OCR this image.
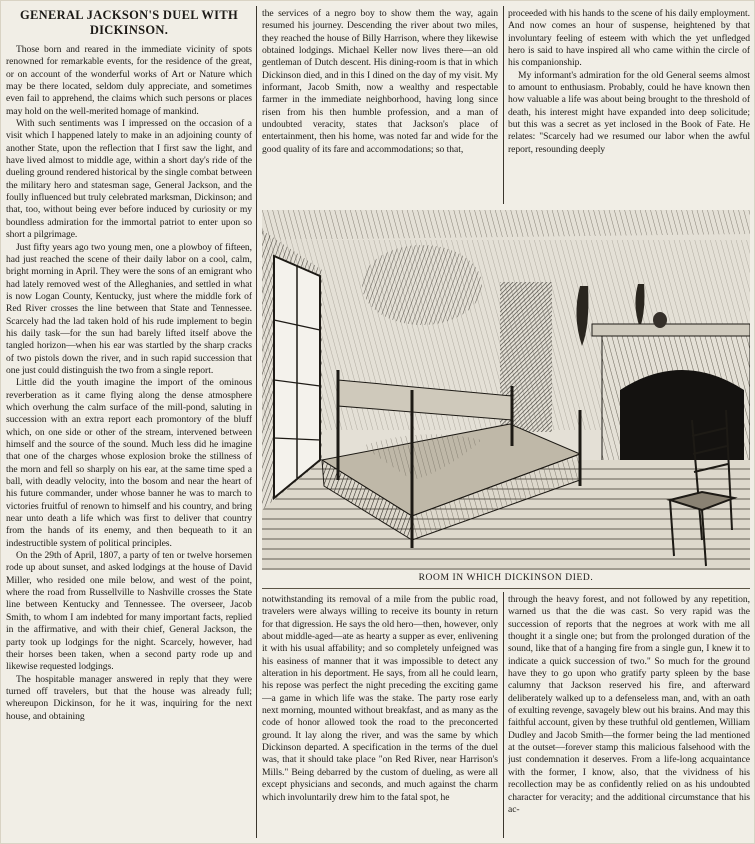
GENERAL JACKSON'S DUEL WITH DICKINSON.

Those born and reared in the immediate vicinity of spots renowned for remarkable events, for the residence of the great, or on account of the wonderful works of Art or Nature which may be there located, seldom duly appreciate, and sometimes even fail to apprehend, the claims which such persons or places may hold on the well-merited homage of mankind.

With such sentiments was I impressed on the occasion of a visit which I happened lately to make in an adjoining county of another State, upon the reflection that I first saw the light, and have lived almost to middle age, within a short day's ride of the dueling ground rendered historical by the single combat between the military hero and statesman sage, General Jackson, and the foully influenced but truly celebrated marksman, Dickinson; and that, too, without being ever before induced by curiosity or my boundless admiration for the immortal patriot to enter upon so short a pilgrimage.

Just fifty years ago two young men, one a plowboy of fifteen, had just reached the scene of their daily labor on a cool, calm, bright morning in April. They were the sons of an emigrant who had lately removed west of the Alleghanies, and settled in what is now Logan County, Kentucky, just where the middle fork of Red River crosses the line between that State and Tennessee. Scarcely had the lad taken hold of his rude implement to begin his daily task—for the sun had barely lifted itself above the tangled horizon—when his ear was startled by the sharp cracks of two pistols down the river, and in such rapid succession that one just could distinguish the two from a single report.

Little did the youth imagine the import of the ominous reverberation as it came flying along the dense atmosphere which overhung the calm surface of the mill-pond, saluting in succession with an extra report each promontory of the bluff which, on one side or other of the stream, intervened between himself and the source of the sound. Much less did he imagine that one of the charges whose explosion broke the stillness of the morn and fell so sharply on his ear, at the same time sped a ball, with deadly velocity, into the bosom and near the heart of his future commander, under whose banner he was to march to victories fruitful of renown to himself and his country, and bring near unto death a life which was first to deliver that country from the hands of its enemy, and then bequeath to it an indestructible system of political principles.

On the 29th of April, 1807, a party of ten or twelve horsemen rode up about sunset, and asked lodgings at the house of David Miller, who resided one mile below, and west of the point, where the road from Russellville to Nashville crosses the State line between Kentucky and Tennessee. The overseer, Jacob Smith, to whom I am indebted for many important facts, replied in the affirmative, and with their chief, General Jackson, the party took up lodgings for the night. Scarcely, however, had their horses been taken, when a second party rode up and likewise requested lodgings.

The hospitable manager answered in reply that they were turned off travelers, but that the house was already full; whereupon Dickinson, for he it was, inquiring for the next house, and obtaining

the services of a negro boy to show them the way, again resumed his journey. Descending the river about two miles, they reached the house of Billy Harrison, where they likewise obtained lodgings. Michael Keller now lives there—an old gentleman of Dutch descent. His dining-room is that in which Dickinson died, and in this I dined on the day of my visit. My informant, Jacob Smith, now a wealthy and respectable farmer in the immediate neighborhood, having long since risen from his then humble profession, and a man of undoubted veracity, states that Jackson's place of entertainment, then his home, was noted far and wide for the good quality of its fare and accommodations; so that,

proceeded with his hands to the scene of his daily employment. And now comes an hour of suspense, heightened by that involuntary feeling of esteem with which the yet unfledged hero is said to have inspired all who came within the circle of his companionship.

My informant's admiration for the old General seems almost to amount to enthusiasm. Probably, could he have known then how valuable a life was about being brought to the threshold of death, his interest might have expanded into deep solicitude; but this was a secret as yet inclosed in the Book of Fate. He relates: "Scarcely had we resumed our labor when the awful report, resounding deeply

ROOM IN WHICH DICKINSON DIED.

notwithstanding its removal of a mile from the public road, travelers were always willing to receive its bounty in return for that digression. He says the old hero—then, however, only about middle-aged—ate as hearty a supper as ever, enlivening it with his usual affability; and so completely unfeigned was his easiness of manner that it was impossible to detect any alteration in his deportment. He says, from all he could learn, his repose was perfect the night preceding the exciting game—a game in which life was the stake. The party rose early next morning, mounted without breakfast, and as many as the code of honor allowed took the road to the preconcerted ground. It lay along the river, and was the same by which Dickinson departed. A specification in the terms of the duel was, that it should take place "on Red River, near Harrison's Mills." Being debarred by the custom of dueling, as were all except physicians and seconds, and much against the charm which involuntarily drew him to the fatal spot, he

through the heavy forest, and not followed by any repetition, warned us that the die was cast. So very rapid was the succession of reports that the negroes at work with me all thought it a single one; but from the prolonged duration of the sound, like that of a hanging fire from a single gun, I knew it to indicate a quick succession of two." So much for the ground have they to go upon who gratify party spleen by the base calumny that Jackson reserved his fire, and afterward deliberately walked up to a defenseless man, and, with an oath of exulting revenge, savagely blew out his brains. And may this faithful account, given by these truthful old gentlemen, William Dudley and Jacob Smith—the former being the lad mentioned at the outset—forever stamp this malicious falsehood with the just condemnation it deserves. From a life-long acquaintance with the former, I know, also, that the vividness of his recollection may be as confidently relied on as his undoubted character for veracity; and the additional circumstance that his ac-
